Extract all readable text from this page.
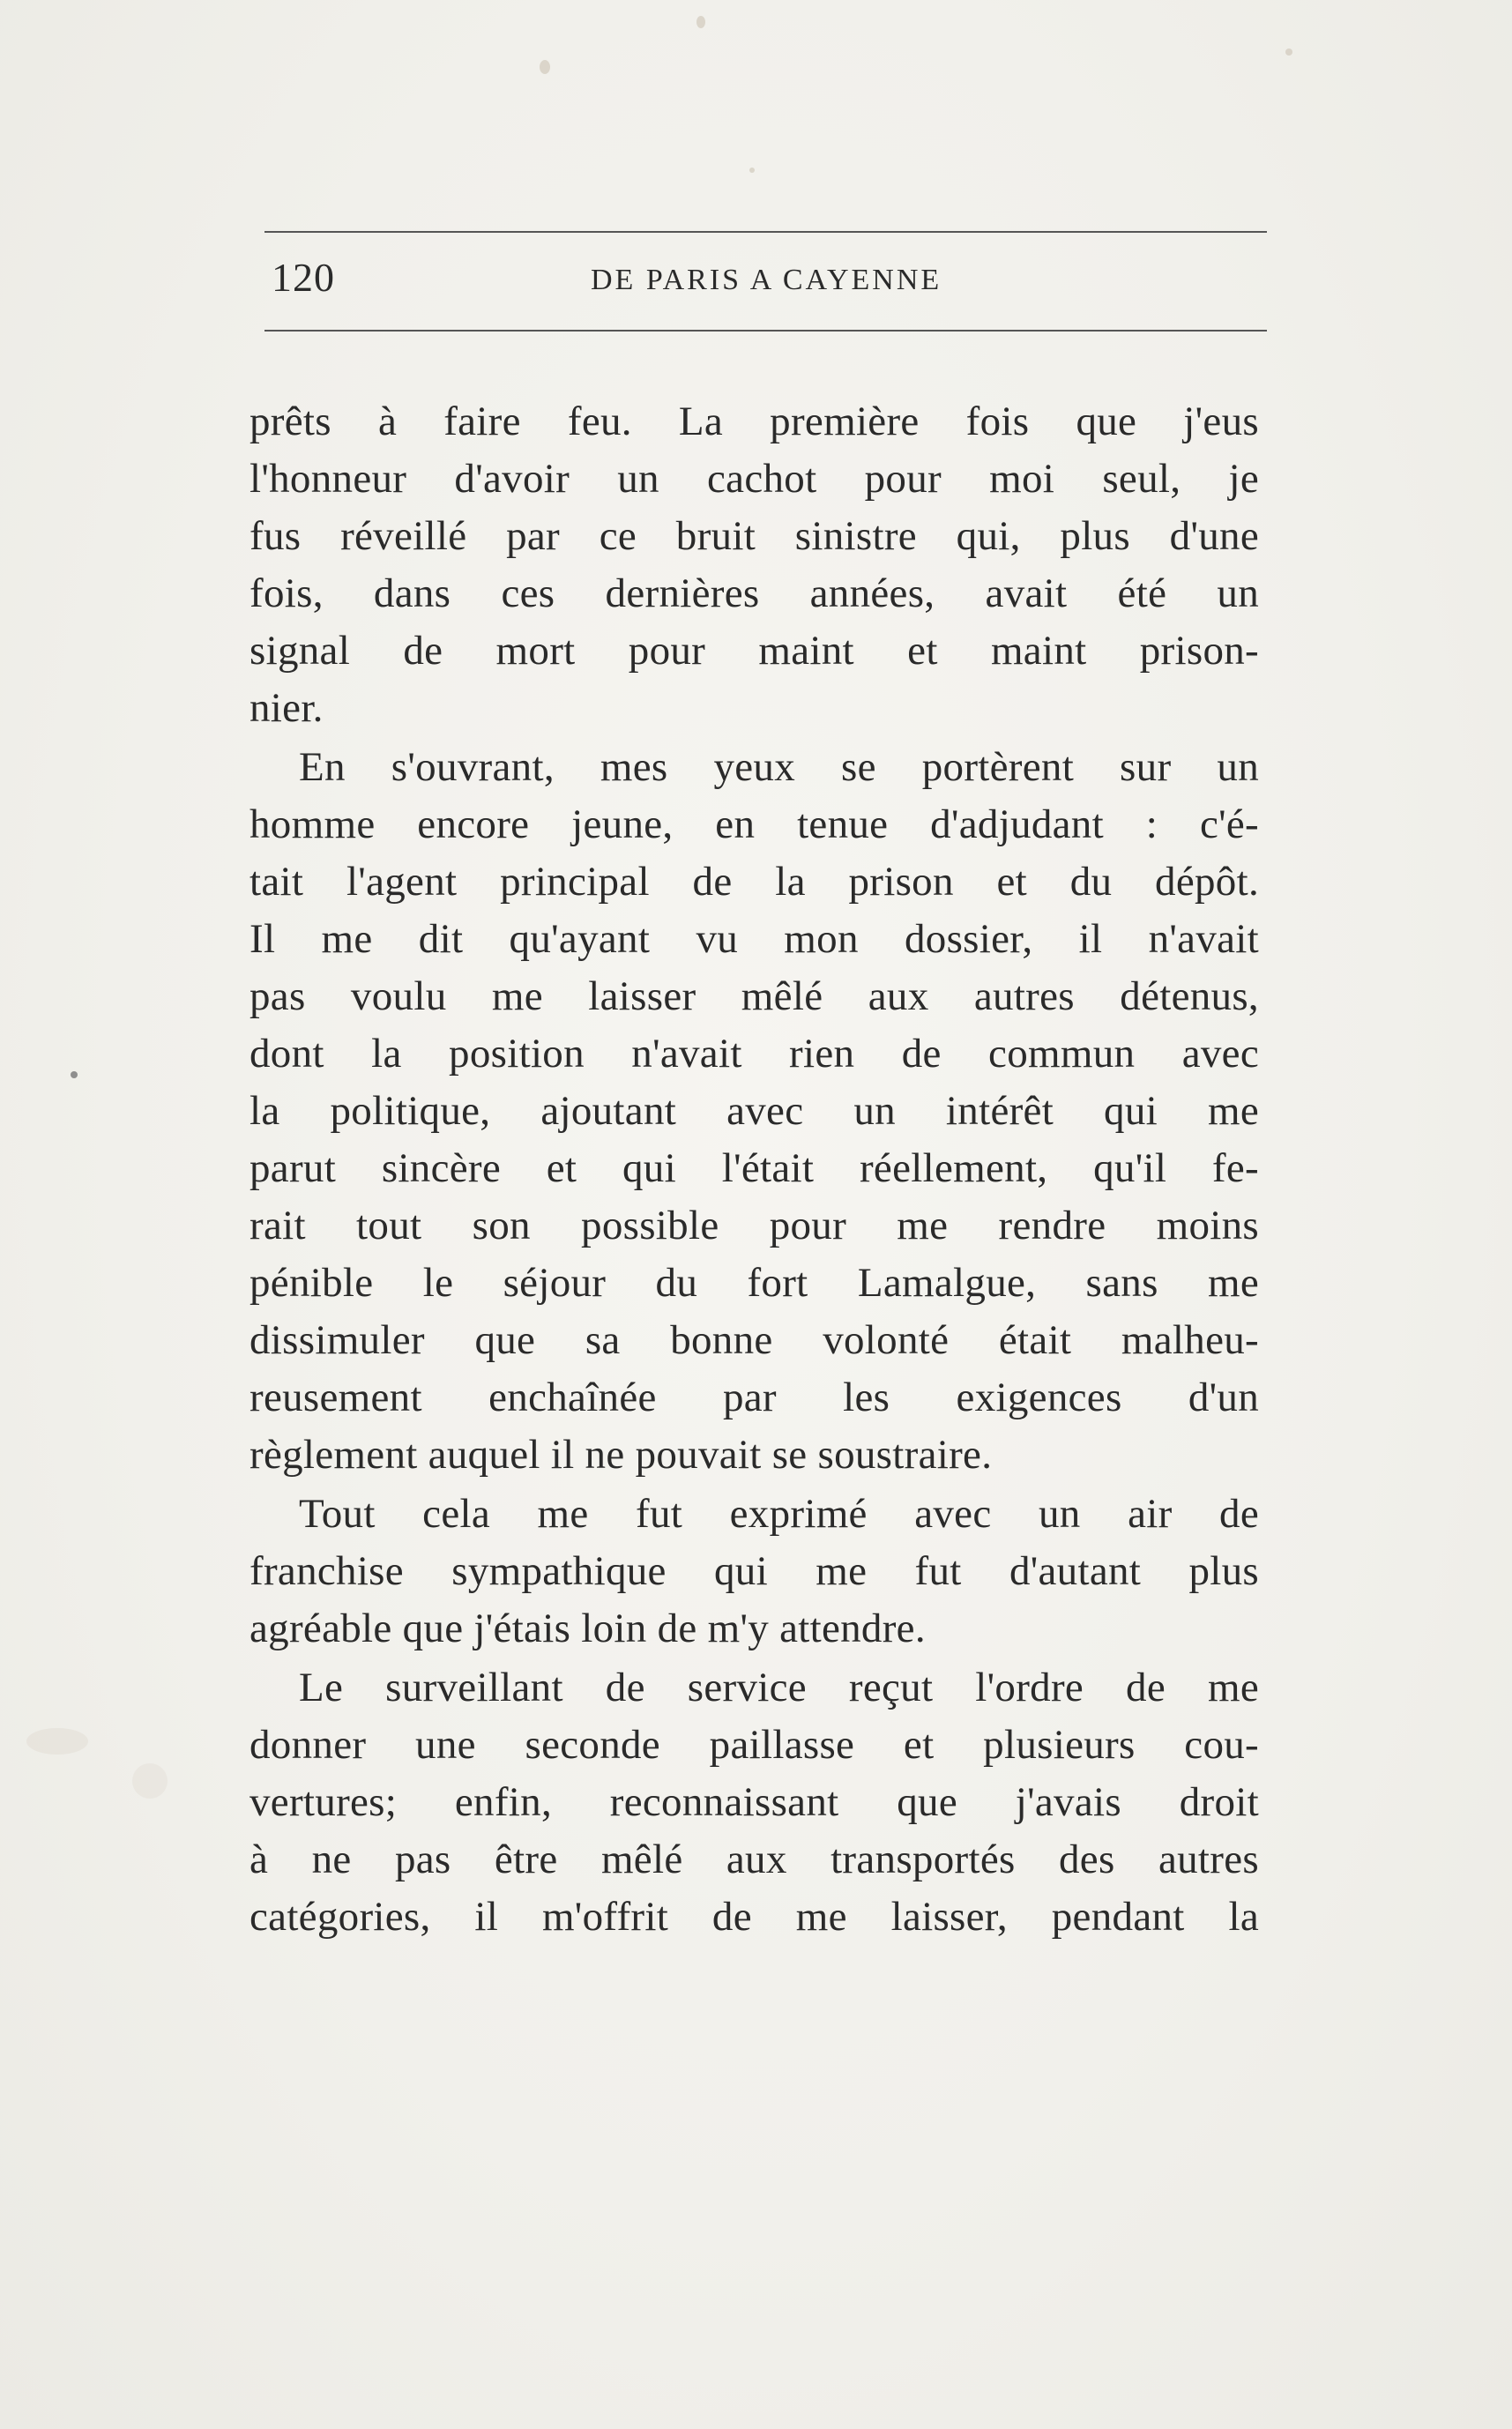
120	DE PARIS A CAYENNE
prêts à faire feu. La première fois que j'eus
l'honneur d'avoir un cachot pour moi seul, je
fus réveillé par ce bruit sinistre qui, plus d'une
fois, dans ces dernières années, avait été un
signal de mort pour maint et maint prison-
nier.
En s'ouvrant, mes yeux se portèrent sur un
homme encore jeune, en tenue d'adjudant : c'é-
tait l'agent principal de la prison et du dépôt.
Il me dit qu'ayant vu mon dossier, il n'avait
pas voulu me laisser mêlé aux autres détenus,
dont la position n'avait rien de commun avec
la politique, ajoutant avec un intérêt qui me
parut sincère et qui l'était réellement, qu'il fe-
rait tout son possible pour me rendre moins
pénible le séjour du fort Lamalgue, sans me
dissimuler que sa bonne volonté était malheu-
reusement enchaînée par les exigences d'un
règlement auquel il ne pouvait se soustraire.
Tout cela me fut exprimé avec un air de
franchise sympathique qui me fut d'autant plus
agréable que j'étais loin de m'y attendre.
Le surveillant de service reçut l'ordre de me
donner une seconde paillasse et plusieurs cou-
vertures; enfin, reconnaissant que j'avais droit
à ne pas être mêlé aux transportés des autres
catégories, il m'offrit de me laisser, pendant la
